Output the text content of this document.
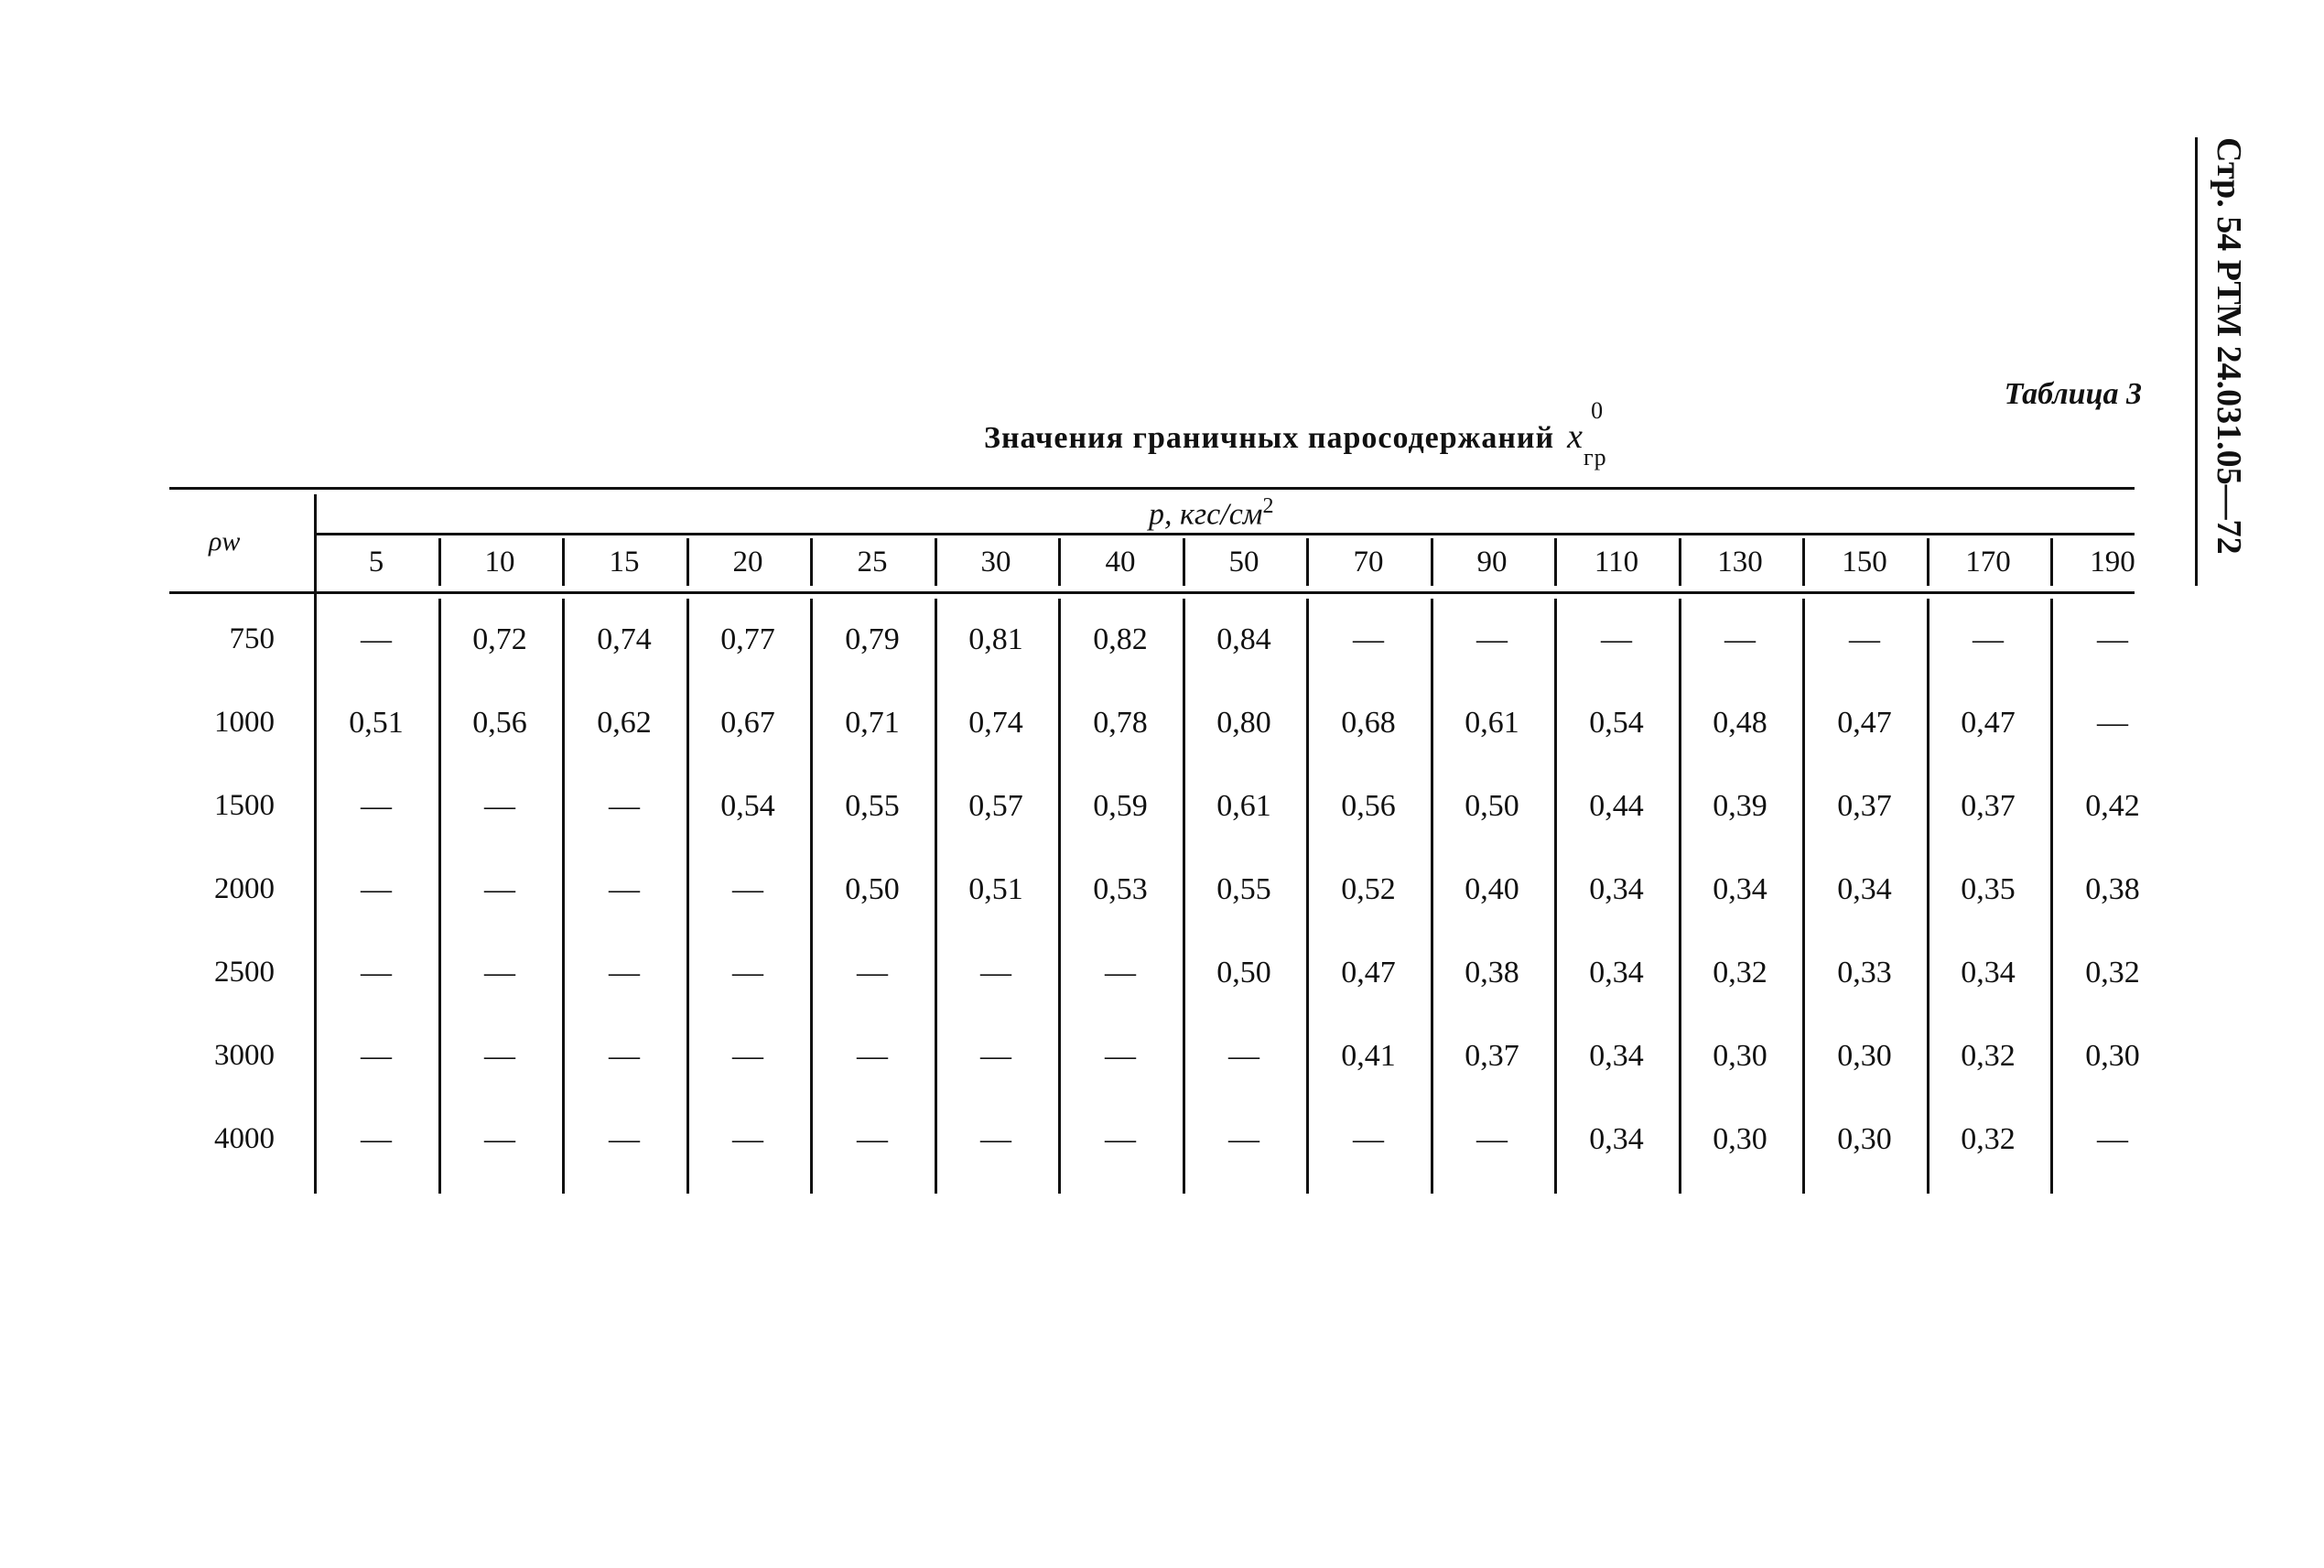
Стр. 54 РТМ 24.031.05—72
Таблица 3
Значения граничных паросодержаний x
0
$_{гр}$
ρw
p, кгс/$см^2$
5	10	15	20	25	30	40	50	70	90	110	130	150	170	190
750	—	0,72	0,74	0,77	0,79	0,81	0,82	0,84	—	—	—	—	—	—	—
1000	0,51	0,56	0,62	0,67	0,71	0,74	0,78	0,80	0,68	0,61	0,54	0,48	0,47	0,47	—
1500	—	—	—	0,54	0,55	0,57	0,59	0,61	0,56	0,50	0,44	0,39	0,37	0,37	0,42
2000	—	—	—	—	0,50	0,51	0,53	0,55	0,52	0,40	0,34	0,34	0,34	0,35	0,38
2500	—	—	—	—	—	—	—	0,50	0,47	0,38	0,34	0,32	0,33	0,34	0,32
3000	—	—	—	—	—	—	—	—	0,41	0,37	0,34	0,30	0,30	0,32	0,30
4000	—	—	—	—	—	—	—	—	—	—	0,34	0,30	0,30	0,32	—
